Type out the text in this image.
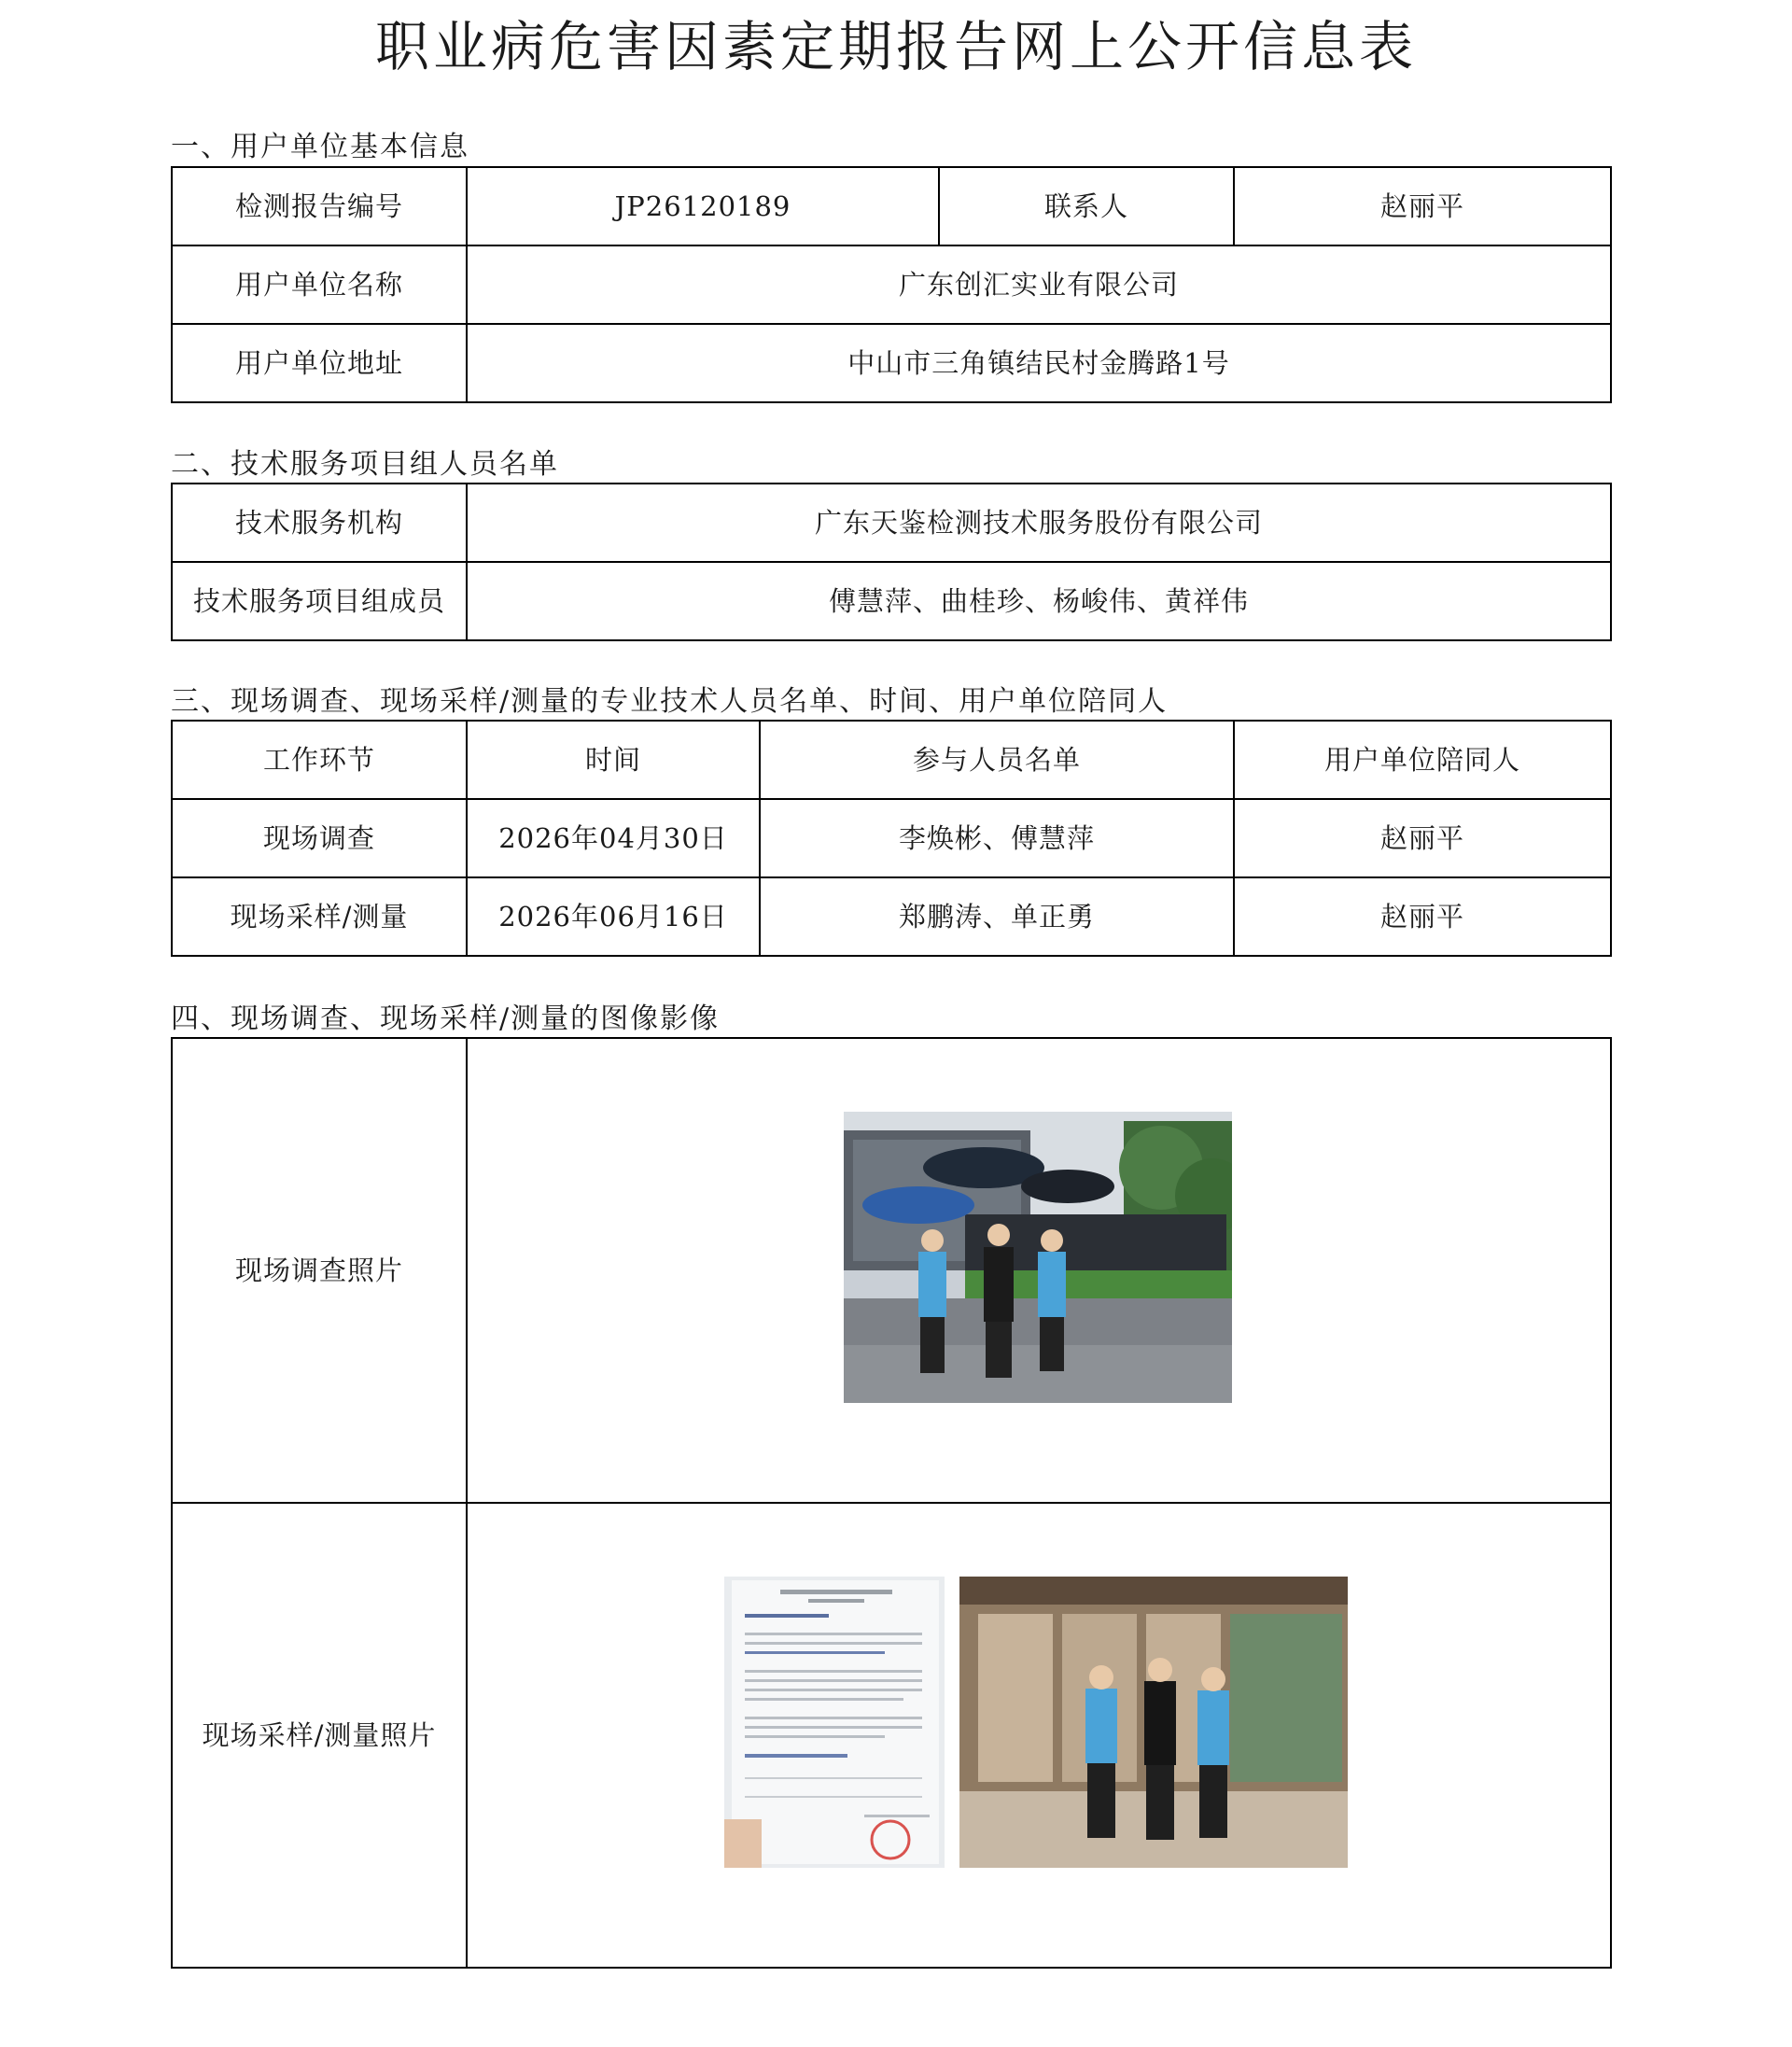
职业病危害因素定期报告网上公开信息表
一、用户单位基本信息
检测报告编号	JP26120189	联系人	赵丽平
用户单位名称	广东创汇实业有限公司		
用户单位地址	中山市三角镇结民村金腾路1号		
二、技术服务项目组人员名单
技术服务机构	广东天鉴检测技术服务股份有限公司
技术服务项目组成员	傅慧萍、曲桂珍、杨峻伟、黄祥伟
三、现场调查、现场采样/测量的专业技术人员名单、时间、用户单位陪同人
工作环节	时间	参与人员名单	用户单位陪同人
现场调查	2026年04月30日	李焕彬、傅慧萍	赵丽平
现场采样/测量	2026年06月16日	郑鹏涛、单正勇	赵丽平
四、现场调查、现场采样/测量的图像影像
现场调查照片	
现场采样/测量照片	
